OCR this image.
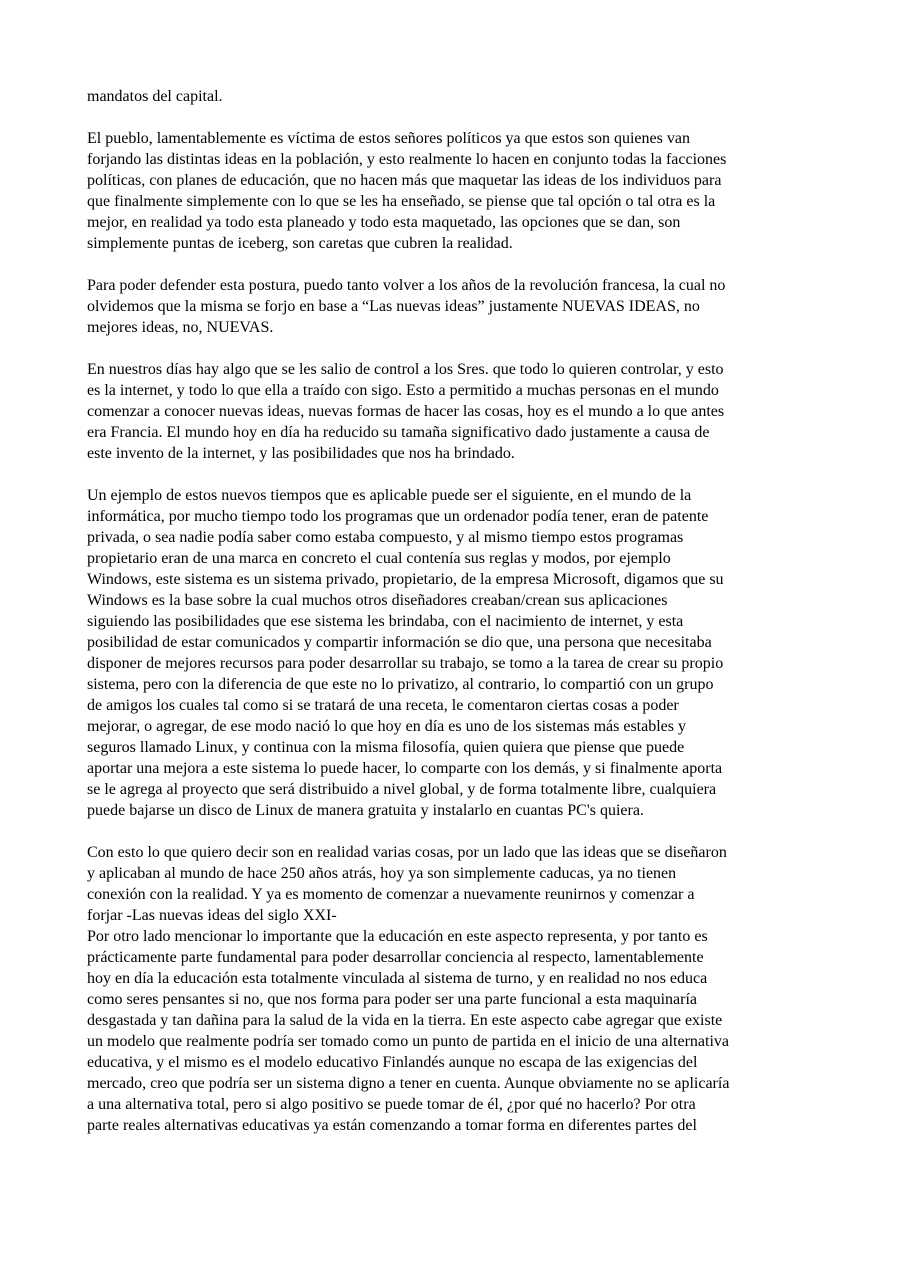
mandatos del capital.
El pueblo, lamentablemente es víctima de estos señores políticos ya que estos son quienes van
forjando las distintas ideas en la población, y esto realmente lo hacen en conjunto todas la facciones
políticas, con planes de educación, que no hacen más que maquetar las ideas de los individuos para
que finalmente simplemente con lo que se les ha enseñado, se piense que tal opción o tal otra es la
mejor, en realidad ya todo esta planeado y todo esta maquetado, las opciones que se dan, son
simplemente puntas de iceberg, son caretas que cubren la realidad.
Para poder defender esta postura, puedo tanto volver a los años de la revolución francesa, la cual no
olvidemos que la misma se forjo en base a “Las nuevas ideas” justamente NUEVAS IDEAS, no
mejores ideas, no, NUEVAS.
En nuestros días hay algo que se les salio de control a los Sres. que todo lo quieren controlar, y esto
es la internet, y todo lo que ella a traído con sigo. Esto a permitido a muchas personas en el mundo
comenzar a conocer nuevas ideas, nuevas formas de hacer las cosas, hoy es el mundo a lo que antes
era Francia. El mundo hoy en día ha reducido su tamaña significativo dado justamente a causa de
este invento de la internet, y las posibilidades que nos ha brindado.
Un ejemplo de estos nuevos tiempos que es aplicable puede ser el siguiente, en el mundo de la
informática, por mucho tiempo todo los programas que un ordenador podía tener, eran de patente
privada, o sea nadie podía saber como estaba compuesto, y al mismo tiempo estos programas
propietario eran de una marca en concreto el cual contenía sus reglas y modos, por ejemplo
Windows, este sistema es un sistema privado, propietario, de la empresa Microsoft, digamos que su
Windows es la base sobre la cual muchos otros diseñadores creaban/crean sus aplicaciones
siguiendo las posibilidades que ese sistema les brindaba, con el nacimiento de internet, y esta
posibilidad de estar comunicados y compartir información se dio que, una persona que necesitaba
disponer de mejores recursos para poder desarrollar su trabajo, se tomo a la tarea de crear su propio
sistema, pero con la diferencia de que este no lo privatizo, al contrario, lo compartió con un grupo
de amigos los cuales tal como si se tratará de una receta, le comentaron ciertas cosas a poder
mejorar, o agregar, de ese modo nació lo que hoy en día es uno de los sistemas más estables y
seguros llamado Linux, y continua con la misma filosofía, quien quiera que piense que puede
aportar una mejora a este sistema lo puede hacer, lo comparte con los demás, y si finalmente aporta
se le agrega al proyecto que será distribuido a nivel global, y de forma totalmente libre, cualquiera
puede bajarse un disco de Linux de manera gratuita y instalarlo en cuantas PC's quiera.
Con esto lo que quiero decir son en realidad varias cosas, por un lado que las ideas que se diseñaron
y aplicaban al mundo de hace 250 años atrás, hoy ya son simplemente caducas, ya no tienen
conexión con la realidad. Y ya es momento de comenzar a nuevamente reunirnos y comenzar a
forjar -Las nuevas ideas del siglo XXI-
Por otro lado mencionar lo importante que la educación en este aspecto representa, y por tanto es
prácticamente parte fundamental para poder desarrollar conciencia al respecto, lamentablemente
hoy en día la educación esta totalmente vinculada al sistema de turno, y en realidad no nos educa
como seres pensantes si no, que nos forma para poder ser una parte funcional a esta maquinaría
desgastada y tan dañina para la salud de la vida en la tierra. En este aspecto cabe agregar que existe
un modelo que realmente podría ser tomado como un punto de partida en el inicio de una alternativa
educativa, y el mismo es el modelo educativo Finlandés aunque no escapa de las exigencias del
mercado, creo que podría ser un sistema digno a tener en cuenta. Aunque obviamente no se aplicaría
a una alternativa total, pero si algo positivo se puede tomar de él, ¿por qué no hacerlo? Por otra
parte reales alternativas educativas ya están comenzando a tomar forma en diferentes partes del
